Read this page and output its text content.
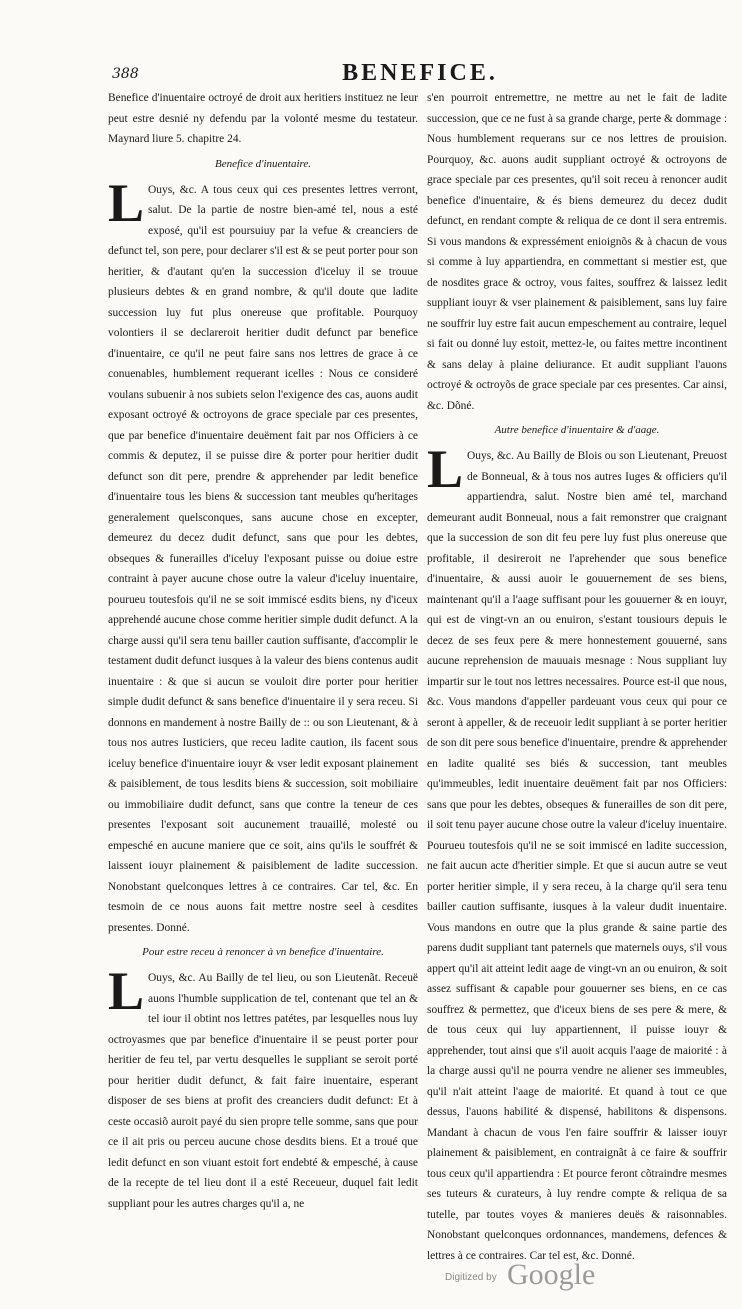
388	BENEFICE.

Benefice d'inuentaire octroyé de droit aux heritiers instituez ne leur peut estre desnié ny defendu par la volonté mesme du testateur. Maynard liure 5. chapitre 24.

Benefice d'inuentaire.

L Ouys, &c. A tous ceux qui ces presentes lettres verront, salut. De la partie de nostre bien-amé tel, nous a esté exposé, qu'il est poursuiuy par la vefue & creanciers de defunct tel, son pere, pour declarer s'il est & se peut porter pour son heritier, & d'autant qu'en la succession d'iceluy il se trouue plusieurs debtes & en grand nombre, & qu'il doute que ladite succession luy fut plus onereuse que profitable. Pourquoy volontiers il se declareroit heritier dudit defunct par benefice d'inuentaire, ce qu'il ne peut faire sans nos lettres de grace à ce conuenables, humblement requerant icelles : Nous ce consideré voulans subuenir à nos subiets selon l'exigence des cas, auons audit exposant octroyé & octroyons de grace speciale par ces presentes, que par benefice d'inuentaire deuëment fait par nos Officiers à ce commis & deputez, il se puisse dire & porter pour heritier dudit defunct son dit pere, prendre & apprehender par ledit benefice d'inuentaire tous les biens & succession tant meubles qu'heritages generalement quelsconques, sans aucune chose en excepter, demeurez du decez dudit defunct, sans que pour les debtes, obseques & funerailles d'iceluy l'exposant puisse ou doiue estre contraint à payer aucune chose outre la valeur d'iceluy inuentaire, pourueu toutesfois qu'il ne se soit immiscé esdits biens, ny d'iceux apprehendé aucune chose comme heritier simple dudit defunct. A la charge aussi qu'il sera tenu bailler caution suffisante, d'accomplir le testament dudit defunct iusques à la valeur des biens contenus audit inuentaire : & que si aucun se vouloit dire porter pour heritier simple dudit defunct & sans benefice d'inuentaire il y sera receu. Si donnons en mandement à nostre Bailly de :: ou son Lieutenant, & à tous nos autres Iusticiers, que receu ladite caution, ils facent sous iceluy benefice d'inuentaire iouyr & vser ledit exposant plainement & paisiblement, de tous lesdits biens & succession, soit mobiliaire ou immobiliaire dudit defunct, sans que contre la teneur de ces presentes l'exposant soit aucunement trauaillé, molesté ou empesché en aucune maniere que ce soit, ains qu'ils le souffrét & laissent iouyr plainement & paisiblement de ladite succession. Nonobstant quelconques lettres à ce contraires. Car tel, &c. En tesmoin de ce nous auons fait mettre nostre seel à cesdites presentes. Donné.

Pour estre receu à renoncer à vn benefice d'inuentaire.

L Ouys, &c. Au Bailly de tel lieu, ou son Lieutenãt. Receuë auons l'humble supplication de tel, contenant que tel an & tel iour il obtint nos lettres patétes, par lesquelles nous luy octroyasmes que par benefice d'inuentaire il se peust porter pour heritier de feu tel, par vertu desquelles le suppliant se seroit porté pour heritier dudit defunct, & fait faire inuentaire, esperant disposer de ses biens at profit des creanciers dudit defunct: Et à ceste occasiõ auroit payé du sien propre telle somme, sans que pour ce il ait pris ou perceu aucune chose desdits biens. Et a troué que ledit defunct en son viuant estoit fort endebté & empesché, à cause de la recepte de tel lieu dont il a esté Receueur, duquel fait ledit suppliant pour les autres charges qu'il a, ne

s'en pourroit entremettre, ne mettre au net le fait de ladite succession, que ce ne fust à sa grande charge, perte & dommage : Nous humblement requerans sur ce nos lettres de prouision. Pourquoy, &c. auons audit suppliant octroyé & octroyons de grace speciale par ces presentes, qu'il soit receu à renoncer audit benefice d'inuentaire, & és biens demeurez du decez dudit defunct, en rendant compte & reliqua de ce dont il sera entremis. Si vous mandons & expressément enioignõs & à chacun de vous si comme à luy appartiendra, en commettant si mestier est, que de nosdites grace & octroy, vous faites, souffrez & laissez ledit suppliant iouyr & vser plainement & paisiblement, sans luy faire ne souffrir luy estre fait aucun empeschement au contraire, lequel si fait ou donné luy estoit, mettez-le, ou faites mettre incontinent & sans delay à plaine deliurance. Et audit suppliant l'auons octroyé & octroyõs de grace speciale par ces presentes. Car ainsi, &c. Dõné.

Autre benefice d'inuentaire & d'aage.

L Ouys, &c. Au Bailly de Blois ou son Lieutenant, Preuost de Bonneual, & à tous nos autres Iuges & officiers qu'il appartiendra, salut. Nostre bien amé tel, marchand demeurant audit Bonneual, nous a fait remonstrer que craignant que la succession de son dit feu pere luy fust plus onereuse que profitable, il desireroit ne l'aprehender que sous benefice d'inuentaire, & aussi auoir le gouuernement de ses biens, maintenant qu'il a l'aage suffisant pour les gouuerner & en iouyr, qui est de vingt-vn an ou enuiron, s'estant tousiours depuis le decez de ses feux pere & mere honnestement gouuerné, sans aucune reprehension de mauuais mesnage : Nous suppliant luy impartir sur le tout nos lettres necessaires. Pource est-il que nous, &c. Vous mandons d'appeller pardeuant vous ceux qui pour ce seront à appeller, & de receuoir ledit suppliant à se porter heritier de son dit pere sous benefice d'inuentaire, prendre & apprehender en ladite qualité ses biés & succession, tant meubles qu'immeubles, ledit inuentaire deuëment fait par nos Officiers: sans que pour les debtes, obseques & funerailles de son dit pere, il soit tenu payer aucune chose outre la valeur d'iceluy inuentaire. Pourueu toutesfois qu'il ne se soit immiscé en ladite succession, ne fait aucun acte d'heritier simple. Et que si aucun autre se veut porter heritier simple, il y sera receu, à la charge qu'il sera tenu bailler caution suffisante, iusques à la valeur dudit inuentaire. Vous mandons en outre que la plus grande & saine partie des parens dudit suppliant tant paternels que maternels ouys, s'il vous appert qu'il ait atteint ledit aage de vingt-vn an ou enuiron, & soit assez suffisant & capable pour gouuerner ses biens, en ce cas souffrez & permettez, que d'iceux biens de ses pere & mere, & de tous ceux qui luy appartiennent, il puisse iouyr & apprehender, tout ainsi que s'il auoit acquis l'aage de maiorité : à la charge aussi qu'il ne pourra vendre ne aliener ses immeubles, qu'il n'ait atteint l'aage de maiorité. Et quand à tout ce que dessus, l'auons habilité & dispensé, habilitons & dispensons. Mandant à chacun de vous l'en faire souffrir & laisser iouyr plainement & paisiblement, en contraignãt à ce faire & souffrir tous ceux qu'il appartiendra : Et pource feront cõtraindre mesmes ses tuteurs & curateurs, à luy rendre compte & reliqua de sa tutelle, par toutes voyes & manieres deuës & raisonnables. Nonobstant quelconques ordonnances, mandemens, defences & lettres à ce contraires. Car tel est, &c. Donné.

Digitized by Google
